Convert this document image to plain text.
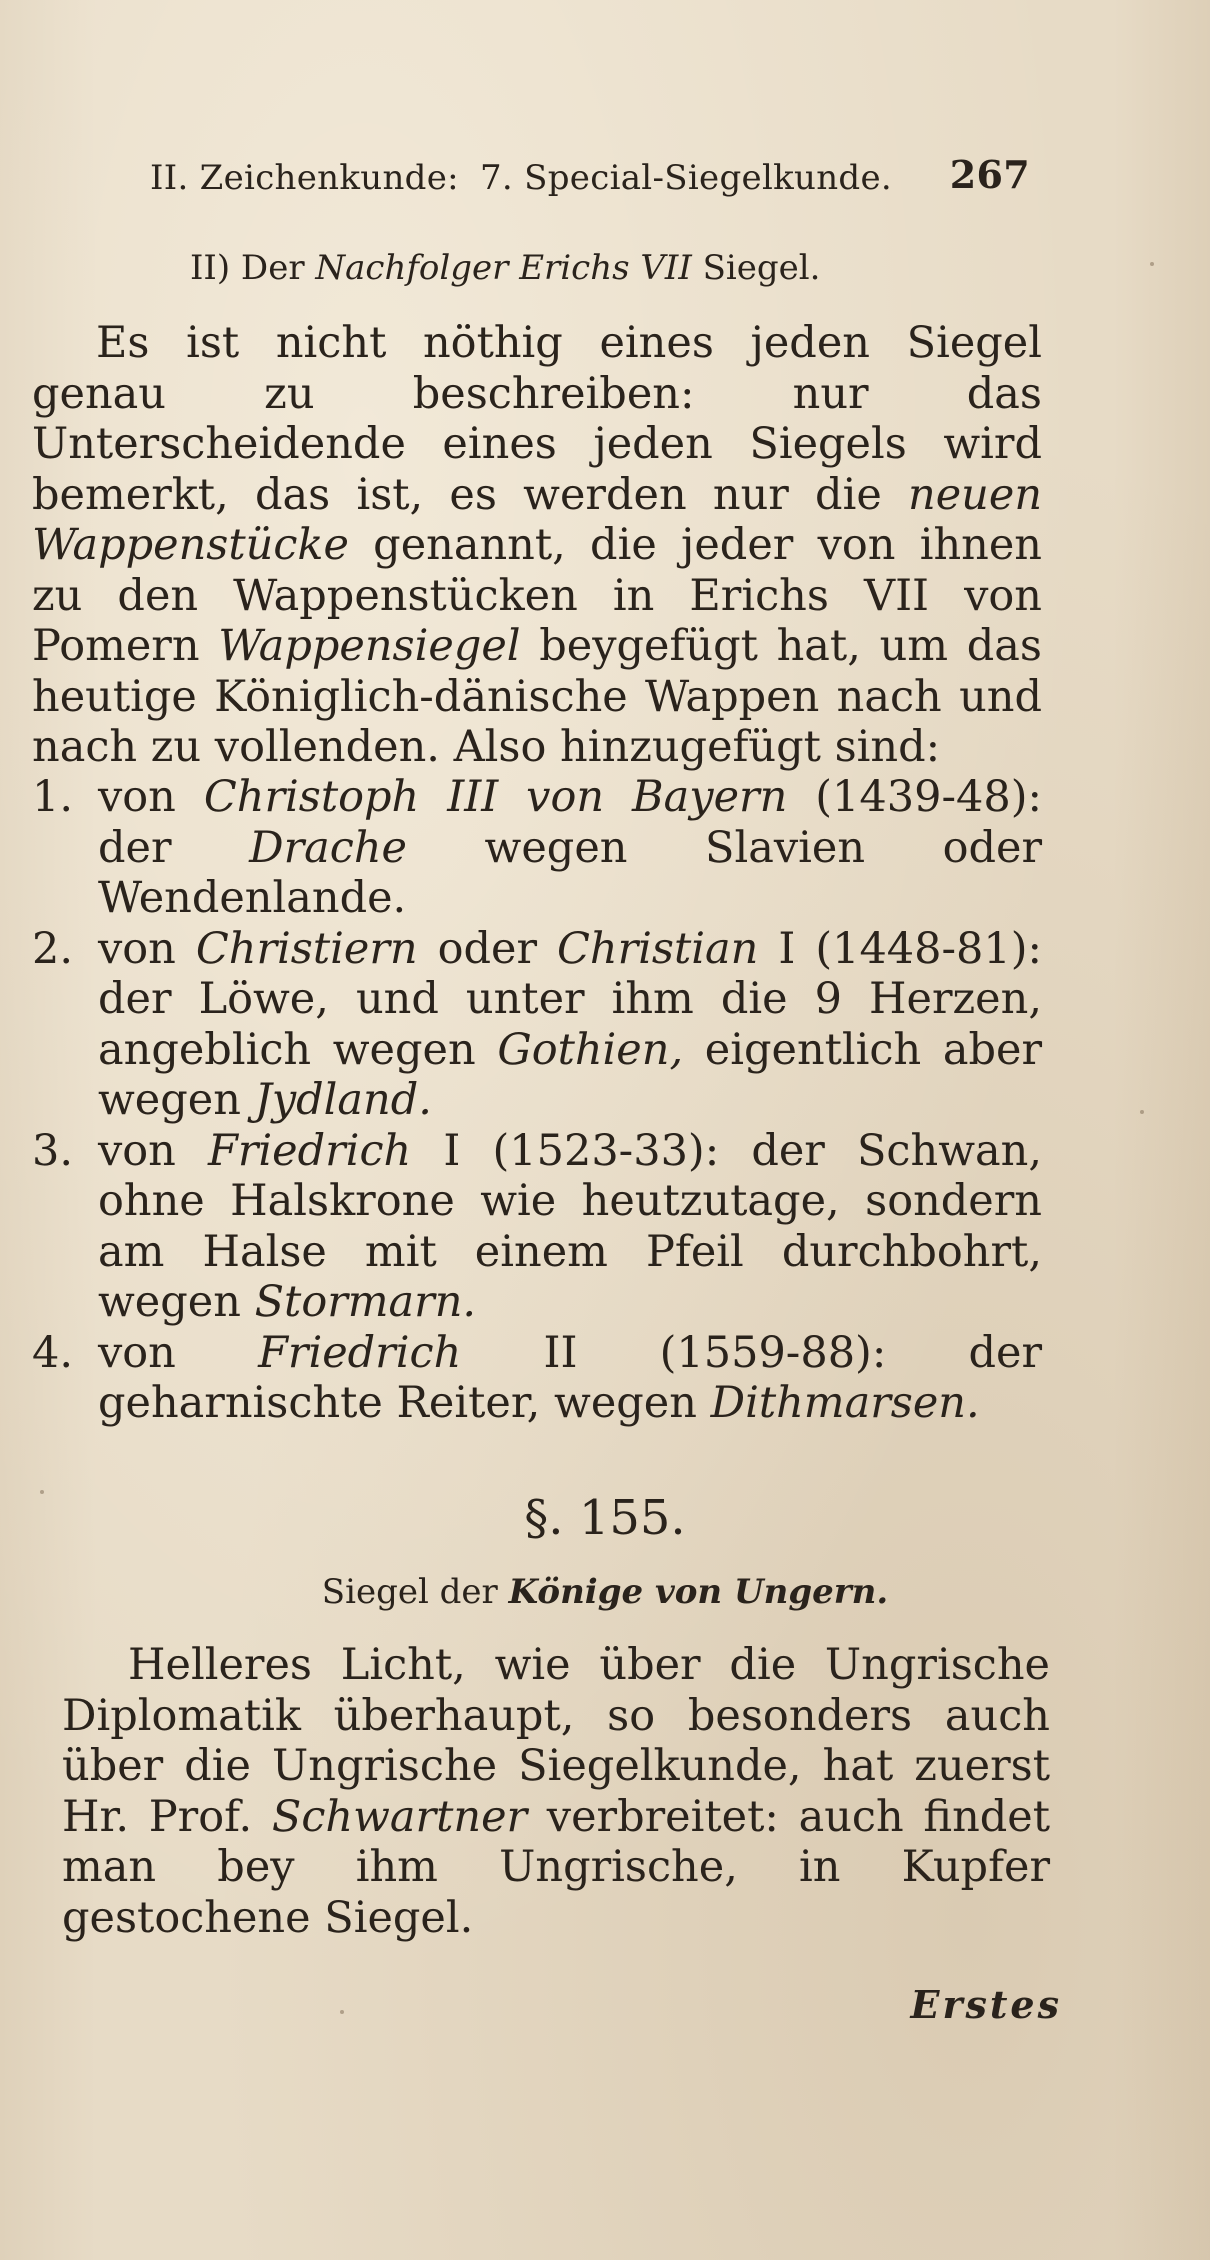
II. Zeichenkunde: 7. Special-Siegelkunde. 267
II) Der Nachfolger Erichs VII Siegel.
Es ist nicht nöthig eines jeden Siegel genau zu beschreiben: nur das Unterscheidende eines jeden Siegels wird bemerkt, das ist, es werden nur die neuen Wappenstücke genannt, die jeder von ihnen zu den Wappenstücken in Erichs VII von Pomern Wappensiegel beygefügt hat, um das heutige Königlich-dänische Wappen nach und nach zu vollenden. Also hinzugefügt sind:
1. von Christoph III von Bayern (1439-48): der Drache wegen Slavien oder Wendenlande.
2. von Christiern oder Christian I (1448-81): der Löwe, und unter ihm die 9 Herzen, angeblich wegen Gothien, eigentlich aber wegen Jydland.
3. von Friedrich I (1523-33): der Schwan, ohne Halskrone wie heutzutage, sondern am Halse mit einem Pfeil durchbohrt, wegen Stormarn.
4. von Friedrich II (1559-88): der geharnischte Reiter, wegen Dithmarsen.
§. 155.
Siegel der Könige von Ungern.
Helleres Licht, wie über die Ungrische Diplomatik überhaupt, so besonders auch über die Ungrische Siegelkunde, hat zuerst Hr. Prof. Schwartner verbreitet: auch findet man bey ihm Ungrische, in Kupfer gestochene Siegel.
Erstes
